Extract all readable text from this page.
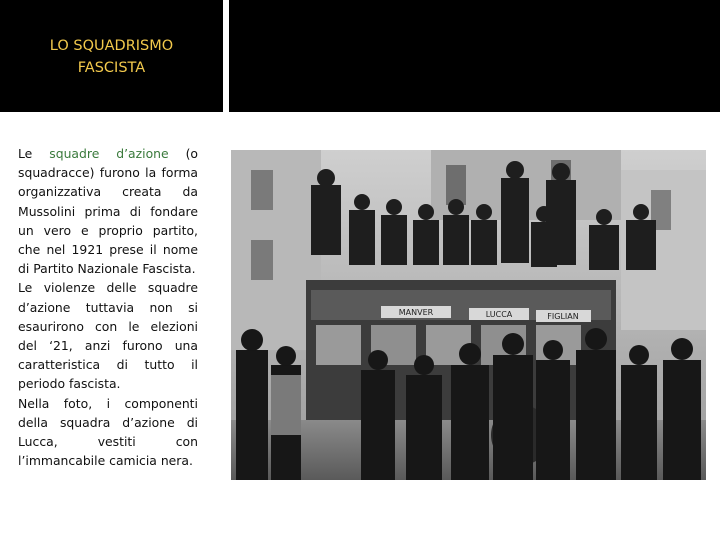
LO SQUADRISMO
FASCISTA

Le squadre d’azione (o squadracce) furono la forma organizzativa creata da Mussolini prima di fondare un vero e proprio partito, che nel 1921 prese il nome di Partito Nazionale Fascista.

Le violenze delle squadre d’azione tuttavia non si esaurirono con le elezioni del ‘21, anzi furono una caratteristica di tutto il periodo fascista.

Nella foto, i componenti della squadra d’azione di Lucca, vestiti con l’immancabile camicia nera.

MANVER	LUCCA	FIGLIAN
